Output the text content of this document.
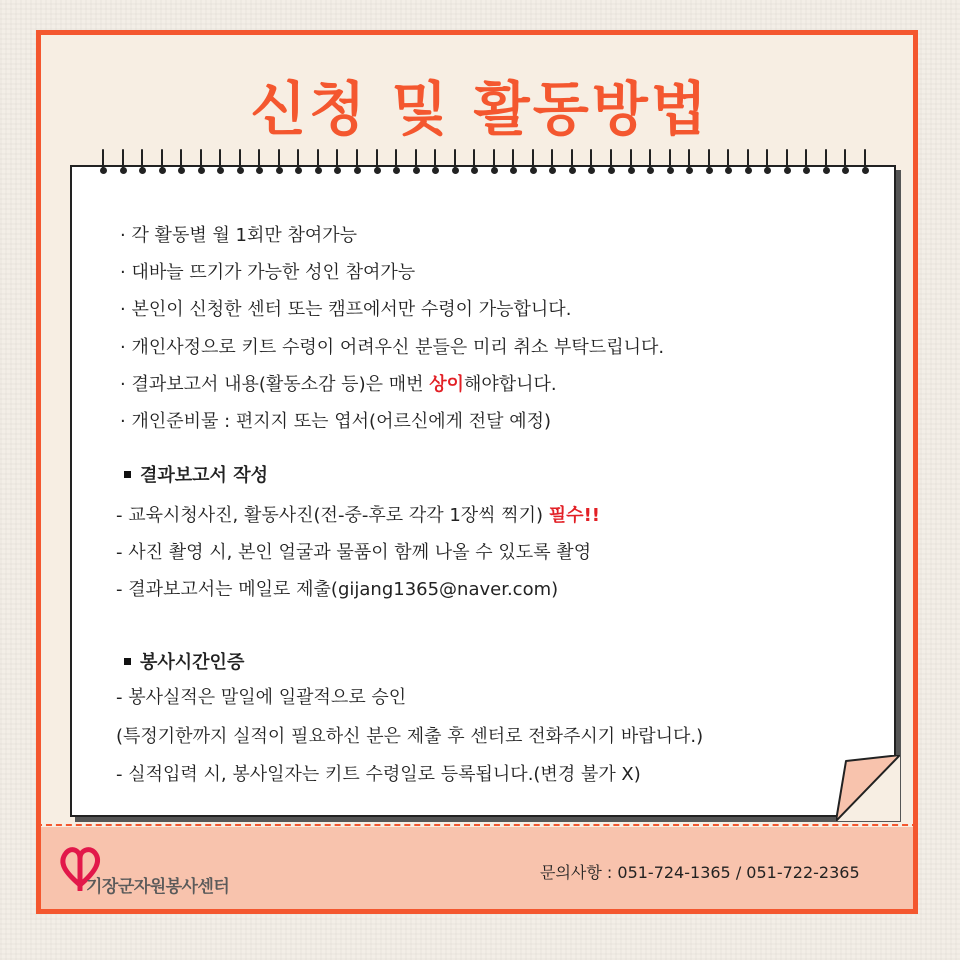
신청 및 활동방법
· 각 활동별 월 1회만 참여가능
· 대바늘 뜨기가 가능한 성인 참여가능
· 본인이 신청한 센터 또는 캠프에서만 수령이 가능합니다.
· 개인사정으로 키트 수령이 어려우신 분들은 미리 취소 부탁드립니다.
· 결과보고서 내용(활동소감 등)은 매번 상이해야합니다.
· 개인준비물 : 편지지 또는 엽서(어르신에게 전달 예정)
결과보고서 작성
- 교육시청사진, 활동사진(전-중-후로 각각 1장씩 찍기) 필수!!
- 사진 촬영 시, 본인 얼굴과 물품이 함께 나올 수 있도록 촬영
- 결과보고서는 메일로 제출(gijang1365@naver.com)
봉사시간인증
- 봉사실적은 말일에 일괄적으로 승인
(특정기한까지 실적이 필요하신 분은 제출 후 센터로 전화주시기 바랍니다.)
- 실적입력 시, 봉사일자는 키트 수령일로 등록됩니다.(변경 불가 X)
기장군자원봉사센터
문의사항 : 051-724-1365 / 051-722-2365
